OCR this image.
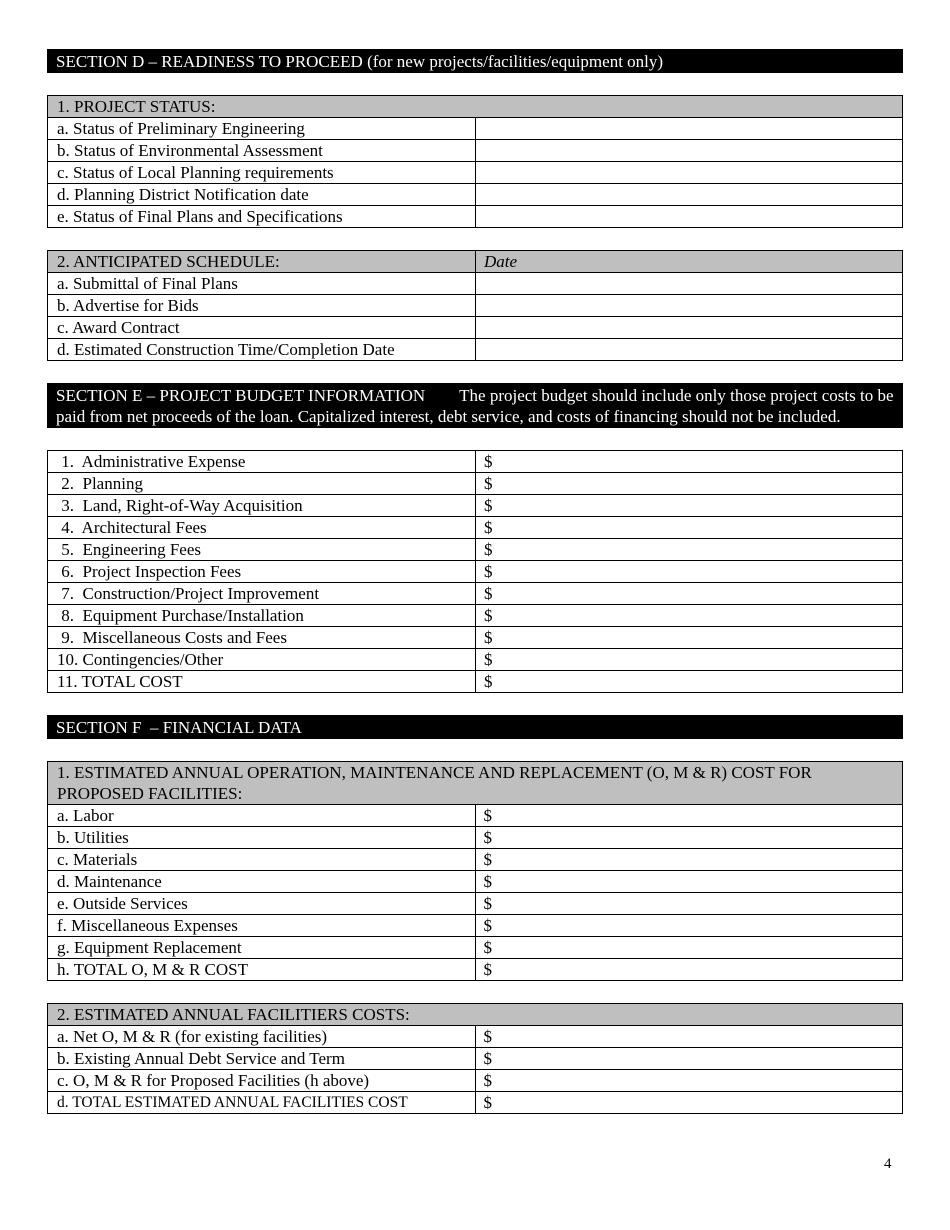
SECTION D – READINESS TO PROCEED (for new projects/facilities/equipment only)
1. PROJECT STATUS:	
a. Status of Preliminary Engineering	
b. Status of Environmental Assessment	
c. Status of Local Planning requirements	
d. Planning District Notification date	
e. Status of Final Plans and Specifications	
2. ANTICIPATED SCHEDULE:	Date
a. Submittal of Final Plans	
b. Advertise for Bids	
c. Award Contract	
d. Estimated Construction Time/Completion Date	
SECTION E – PROJECT BUDGET INFORMATION The project budget should include only those project costs to be paid from net proceeds of the loan. Capitalized interest, debt service, and costs of financing should not be included.
1.  Administrative Expense	$
2.  Planning	$
3.  Land, Right-of-Way Acquisition	$
4.  Architectural Fees	$
5.  Engineering Fees	$
6.  Project Inspection Fees	$
7.  Construction/Project Improvement	$
8.  Equipment Purchase/Installation	$
9.  Miscellaneous Costs and Fees	$
10. Contingencies/Other	$
11. TOTAL COST	$
SECTION F  – FINANCIAL DATA
1. ESTIMATED ANNUAL OPERATION, MAINTENANCE AND REPLACEMENT (O, M & R) COST FOR PROPOSED FACILITIES:	
a. Labor	$
b. Utilities	$
c. Materials	$
d. Maintenance	$
e. Outside Services	$
f. Miscellaneous Expenses	$
g. Equipment Replacement	$
h. TOTAL O, M & R COST	$
2. ESTIMATED ANNUAL FACILITIERS COSTS:	
a. Net O, M & R (for existing facilities)	$
b. Existing Annual Debt Service and Term	$
c. O, M & R for Proposed Facilities (h above)	$
d. TOTAL ESTIMATED ANNUAL FACILITIES COST	$
4
